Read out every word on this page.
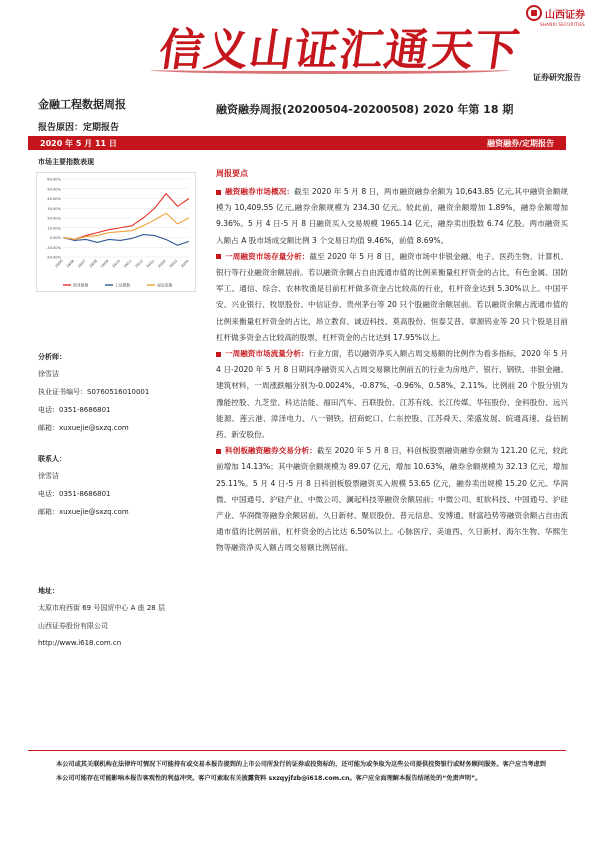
信义山证汇通天下
山西证券
SHANXI SECURITIES
证券研究报告
金融工程数据周报	融资融券周报(20200504-20200508) 2020 年第 18 期
报告原因：定期报告
2020 年 5 月 11 日	融资融券/定期报告
市场主要指数表现
60.00%
50.00%
40.00%
30.00%
20.00%
10.00%
0.00%
-10.00%
-20.00%
19/05 19/06 19/07 19/08 19/09 19/10 19/11 19/12 20/01 20/02 20/03 20/04
创业板指	上证指数	深证成指
分析师：
徐雪洁
执业证书编号：S0760516010001
电话：0351-8686801
邮箱：xuxuejie@sxzq.com
联系人：
徐雪洁
电话：0351-8686801
邮箱：xuxuejie@sxzq.com
地址：
太原市府西街 69 号国贸中心 A 座 28 层
山西证券股份有限公司
http://www.i618.com.cn
周报要点

融资融券市场概况：截至 2020 年 5 月 8 日，两市融资融券余额为 10,643.85 亿元,其中融资余额规模为 10,409.55 亿元,融券余额规模为 234.30 亿元。较此前，融资余额增加 1.89%，融券余额增加 9.36%。5 月 4 日-5 月 8 日融资买入交易规模 1965.14 亿元，融券卖出股数 6.74 亿股。两市融资买入额占 A 股市场成交额比例 3 个交易日均值 9.46%，前值 8.69%。

一周融资市场存量分析：截至 2020 年 5 月 8 日，融资市场中非银金融、电子、医药生物、计算机、银行等行业融资余额居前。若以融资余额占自由流通市值的比例来衡量杠杆资金的占比，有色金属、国防军工、通信、综合、农林牧渔是目前杠杆做多资金占比较高的行业，杠杆资金达到 5.30%以上。中国平安、兴业银行、牧原股份、中信证券、贵州茅台等 20 只个股融资余额居前。若以融资余额占流通市值的比例来衡量杠杆资金的占比，昂立教育、诚迈科技、莫高股份、恒泰艾普、章源钨业等 20 只个股是目前杠杆做多资金占比较高的股票，杠杆资金的占比达到 17.95%以上。

一周融资市场流量分析：行业方面，若以融资净买入额占周交易额的比例作为看多指标，2020 年 5 月 4 日-2020 年 5 月 8 日期间净融资买入占周交易额比例前五的行业为房地产、银行、钢铁、非银金融、建筑材料，一周涨跌幅分别为-0.0024%、-0.87%、-0.96%、0.58%、2.11%。比例前 20 个股分别为豫能控股、九芝堂、科达洁能、福田汽车、百联股份、江苏有线、长江传媒、华钰股份、金科股份、远兴能源、莲云港、漳泽电力、八一钢铁、招商蛇口、仁东控股、江苏舜天、荣盛发展、皖通高速、益佰制药、新安股份。

科创板融资融券交易分析：截至 2020 年 5 月 8 日，科创板股票融资融券余额为 121.20 亿元，较此前增加 14.13%；其中融资余额规模为 89.07 亿元，增加 10.63%，融券余额规模为 32.13 亿元，增加 25.11%。5 月 4 日-5 月 8 日科创板股票融资买入规模 53.65 亿元，融券卖出规模 15.20 亿元。华润微、中国通号、沪硅产业、中微公司、澜起科技等融资余额居前；中微公司、虹软科技、中国通号、沪硅产业、华润微等融券余额居前。久日新材、聚辰股份、普元信息、安博通、财富趋势等融资余额占自由流通市值的比例居前，杠杆资金的占比达 6.50%以上。心脉医疗、美迪西、久日新材、海尔生物、华熙生物等融资净买入额占周交易额比例居前。

本公司或其关联机构在法律许可情况下可能持有或交易本报告提到的上市公司所发行的证券或投资标的，还可能为或争取为这些公司提供投资银行或财务顾问服务。客户应当考虑到本公司可能存在可能影响本报告客观性的利益冲突。客户可索取有关披露资料 sxzqyjfzb@i618.com.cn。客户应全面理解本报告结尾处的“免责声明”。
